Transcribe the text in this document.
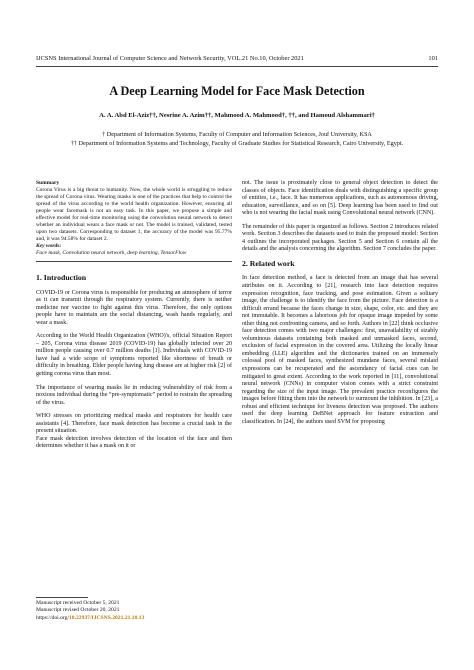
IJCSNS International Journal of Computer Science and Network Security, VOL.21 No.10, October 2021	101
A Deep Learning Model for Face Mask Detection
A. A. Abd El-Aziz††, Nesrine A. Azim††, Mahmood A. Mahmood†, ††, and Hamoud Alshammari†

† Department of Information Systems, Faculty of Computer and Information Sciences, Jouf University, KSA

†† Department of Information Systems and Technology, Faculty of Graduate Studies for Statistical Research, Cairo University, Egypt.

Summary

Corona Virus is a big threat to humanity. Now, the whole world is struggling to reduce the spread of Corona virus. Wearing masks is one of the practices that help to control the spread of the virus according to the world health organization. However, ensuring all people wear facemask is not an easy task. In this paper, we propose a simple and effective model for real-time monitoring using the convolution neural network to detect whether an individual wears a face mask or not. The model is trained, validated, tested upon two datasets. Corresponding to dataset 1, the accuracy of the model was 95.77% and, it was 94.58% for dataset 2.

Key words:

Face mask, Convolution neural network, deep learning, TensorFlow

1. Introduction

COVID-19 or Corona virus is responsible for producing an atmosphere of terror as it can transmit through the respiratory system. Currently, there is neither medicine nor vaccine to fight against this virus. Therefore, the only options people have to maintain are the social distancing, wash hands regularly, and wear a mask.

According to the World Health Organization (WHO)'s, official Situation Report – 205, Corona virus disease 2019 (COVID-19) has globally infected over 20 million people causing over 0.7 million deaths [1]. Individuals with COVID-19 have had a wide scope of symptoms reported like shortness of breath or difficulty in breathing. Elder people having lung disease are at higher risk [2] of getting corona virus than most.

The importance of wearing masks lie in reducing vulnerability of risk from a noxious individual during the “pre-symptomatic” period to restrain the spreading of the virus.

WHO stresses on prioritizing medical masks and respirators for health care assistants [4]. Therefore, face mask detection has become a crucial task in the present situation.

Face mask detection involves detection of the location of the face and then determines whether it has a mask on it or

not. The issue is proximately close to general object detection to detect the classes of objects. Face identification deals with distinguishing a specific group of entities, i.e., face. It has numerous applications, such as autonomous driving, education, surveillance, and so on [5]. Deep learning has been used to find out who is not wearing the facial mask using Convolutional neural network (CNN).

The remainder of this paper is organized as follows. Section 2 introduces related work. Section 3 describes the datasets used to train the proposed model: Section 4 outlines the incorporated packages. Section 5 and Section 6 contain all the details and the analysis concerning the algorithm. Section 7 concludes the paper.

2. Related work

In face detection method, a face is detected from an image that has several attributes on it. According to [21], research into face detection requires expression recognition, face tracking, and pose estimation. Given a solitary image, the challenge is to identify the face from the picture. Face detection is a difficult errand because the faces change in size, shape, color, etc. and they are not immutable. It becomes a laborious job for opaque image impeded by some other thing not confronting camera, and so forth. Authors in [22] think occlusive face detection comes with two major challenges: first, unavailability of sizably voluminous datasets containing both masked and unmasked faces, second, exclusion of facial expression in the covered area. Utilizing the locally linear embedding (LLE) algorithm and the dictionaries trained on an immensely colossal pool of masked faces, synthesized mundane faces, several mislaid expressions can be recuperated and the ascendancy of facial cues can be mitigated to great extent. According to the work reported in [11], convolutional neural network (CNNs) in computer vision comes with a strict constraint regarding the size of the input image. The prevalent practice reconfigures the images before fitting them into the network to surmount the inhibition. In [23], a robust and efficient technique for liveness detection was proposed. The authors used the deep learning DeBNet approach for feature extraction and classification. In [24], the authors used SVM for proposing

Manuscript received October 5, 2021
Manuscript revised October 20, 2021
https://doi.org/10.22937/IJCSNS.2021.21.10.13
